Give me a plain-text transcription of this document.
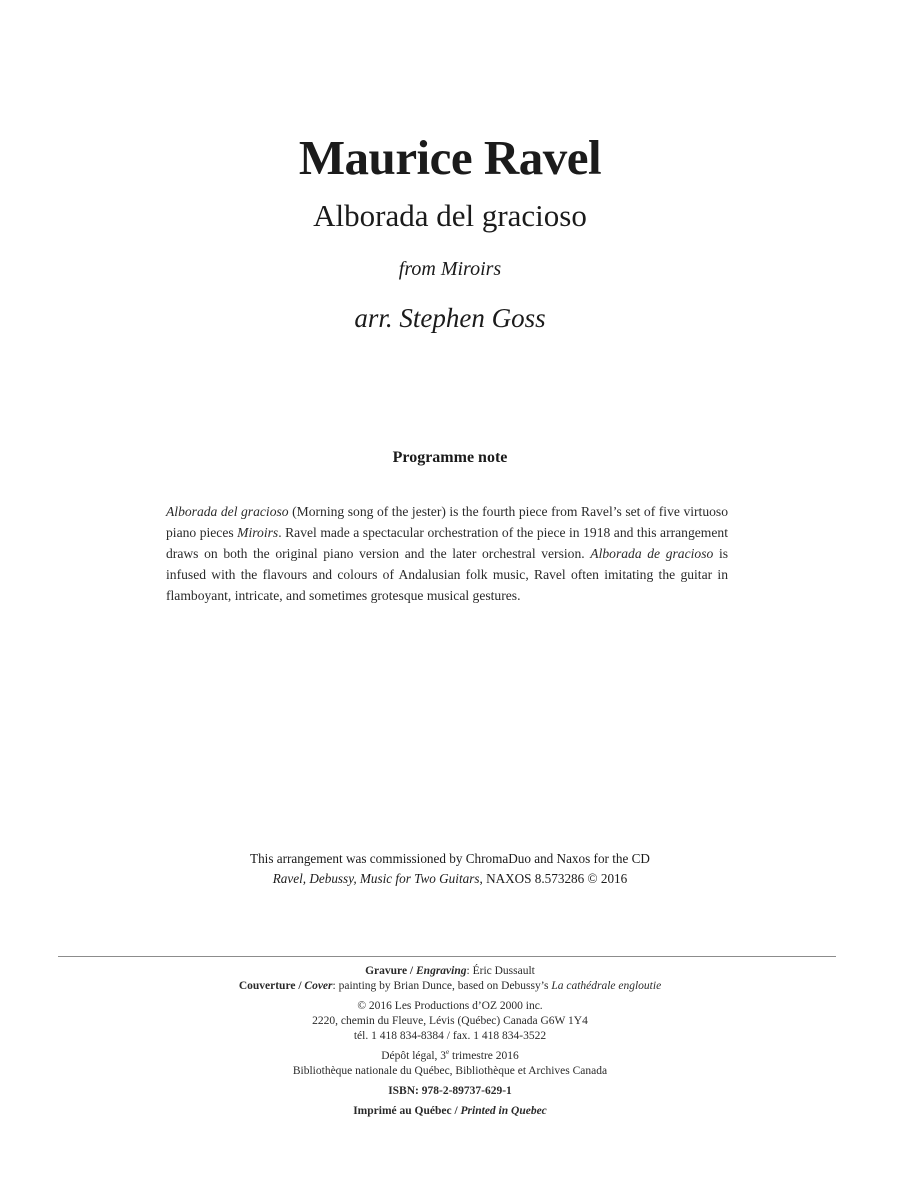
Maurice Ravel
Alborada del gracioso
from Miroirs
arr. Stephen Goss
Programme note
Alborada del gracioso (Morning song of the jester) is the fourth piece from Ravel’s set of five virtuoso piano pieces Miroirs. Ravel made a spectacular orchestration of the piece in 1918 and this arrangement draws on both the original piano version and the later orchestral version. Alborada de gracioso is infused with the flavours and colours of Andalusian folk music, Ravel often imitating the guitar in flamboyant, intricate, and sometimes grotesque musical gestures.
This arrangement was commissioned by ChromaDuo and Naxos for the CD
Ravel, Debussy, Music for Two Guitars, NAXOS 8.573286 © 2016
Gravure / Engraving: Éric Dussault
Couverture / Cover: painting by Brian Dunce, based on Debussy’s La cathédrale engloutie
© 2016 Les Productions d’OZ 2000 inc.
2220, chemin du Fleuve, Lévis (Québec) Canada G6W 1Y4
tél. 1 418 834-8384 / fax. 1 418 834-3522
Dépôt légal, 3e trimestre 2016
Bibliothèque nationale du Québec, Bibliothèque et Archives Canada
ISBN: 978-2-89737-629-1
Imprimé au Québec / Printed in Quebec
